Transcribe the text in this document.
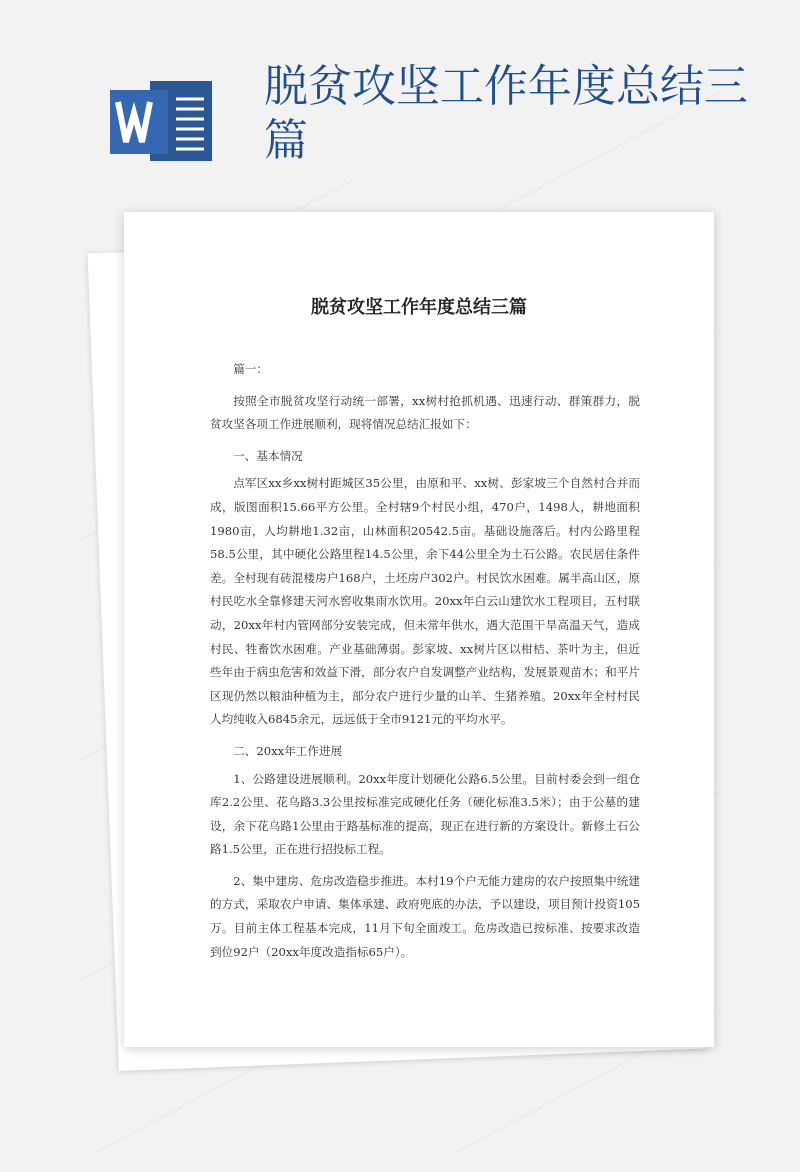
脱贫攻坚工作年度总结三篇
脱贫攻坚工作年度总结三篇

篇一：

按照全市脱贫攻坚行动统一部署，xx树村抢抓机遇、迅速行动、群策群力，脱贫攻坚各项工作进展顺利，现将情况总结汇报如下：

一、基本情况

点军区xx乡xx树村距城区35公里，由原和平、xx树、彭家坡三个自然村合并而成，版图面积15.66平方公里。全村辖9个村民小组，470户，1498人，耕地面积1980亩，人均耕地1.32亩，山林面积20542.5亩。基础设施落后。村内公路里程58.5公里，其中硬化公路里程14.5公里，余下44公里全为土石公路。农民居住条件差。全村现有砖混楼房户168户，土坯房户302户。村民饮水困难。属半高山区，原村民吃水全靠修建天河水窖收集雨水饮用。20xx年白云山建饮水工程项目，五村联动，20xx年村内管网部分安装完成，但未常年供水，遇大范围干旱高温天气，造成村民、牲畜饮水困难。产业基础薄弱。彭家坡、xx树片区以柑桔、茶叶为主，但近些年由于病虫危害和效益下滑，部分农户自发调整产业结构，发展景观苗木；和平片区现仍然以粮油种植为主，部分农户进行少量的山羊、生猪养殖。20xx年全村村民人均纯收入6845余元，远远低于全市9121元的平均水平。

二、20xx年工作进展

1、公路建设进展顺利。20xx年度计划硬化公路6.5公里。目前村委会到一组仓库2.2公里、花乌路3.3公里按标准完成硬化任务（硬化标准3.5米）；由于公墓的建设，余下花乌路1公里由于路基标准的提高，现正在进行新的方案设计。新修土石公路1.5公里，正在进行招投标工程。

2、集中建房、危房改造稳步推进。本村19个户无能力建房的农户按照集中统建的方式，采取农户申请、集体承建、政府兜底的办法，予以建设，项目预计投资105万。目前主体工程基本完成，11月下旬全面竣工。危房改造已按标准、按要求改造到位92户（20xx年度改造指标65户）。
